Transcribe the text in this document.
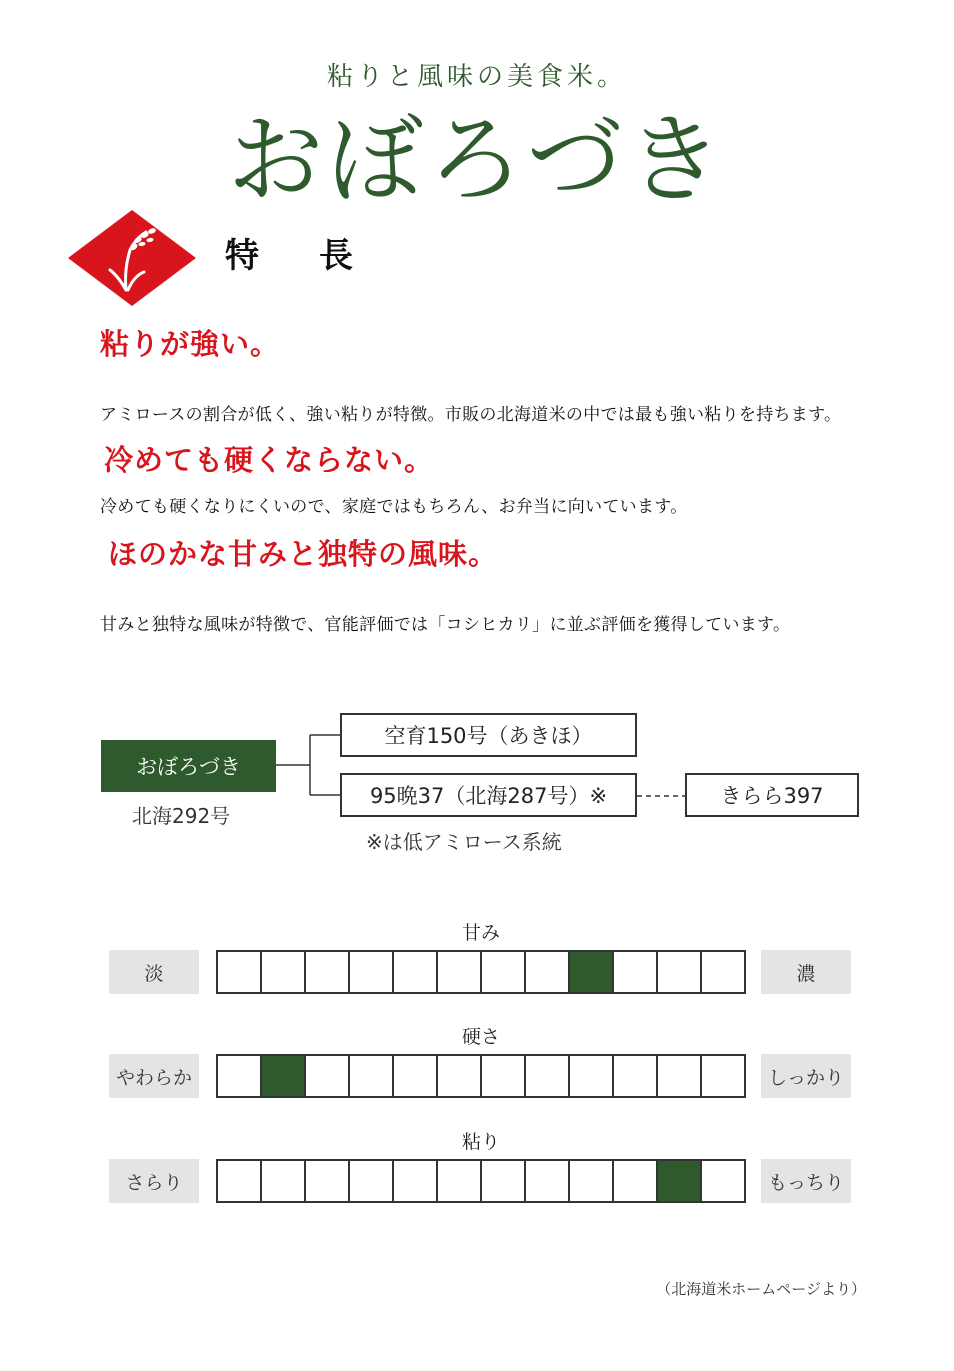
粘りと風味の美食米。
おぼろづき
特長
粘りが強い。
アミロースの割合が低く、強い粘りが特徴。市販の北海道米の中では最も強い粘りを持ちます。
冷めても硬くならない。
冷めても硬くなりにくいので、家庭ではもちろん、お弁当に向いています。
ほのかな甘みと独特の風味。
甘みと独特な風味が特徴で、官能評価では「コシヒカリ」に並ぶ評価を獲得しています。
おぼろづき
北海292号
空育150号（あきほ）
95晩37（北海287号）※	きらら397
※は低アミロース系統
甘み
淡	濃
硬さ
やわらか	しっかり
粘り
さらり	もっちり
（北海道米ホームページより）
